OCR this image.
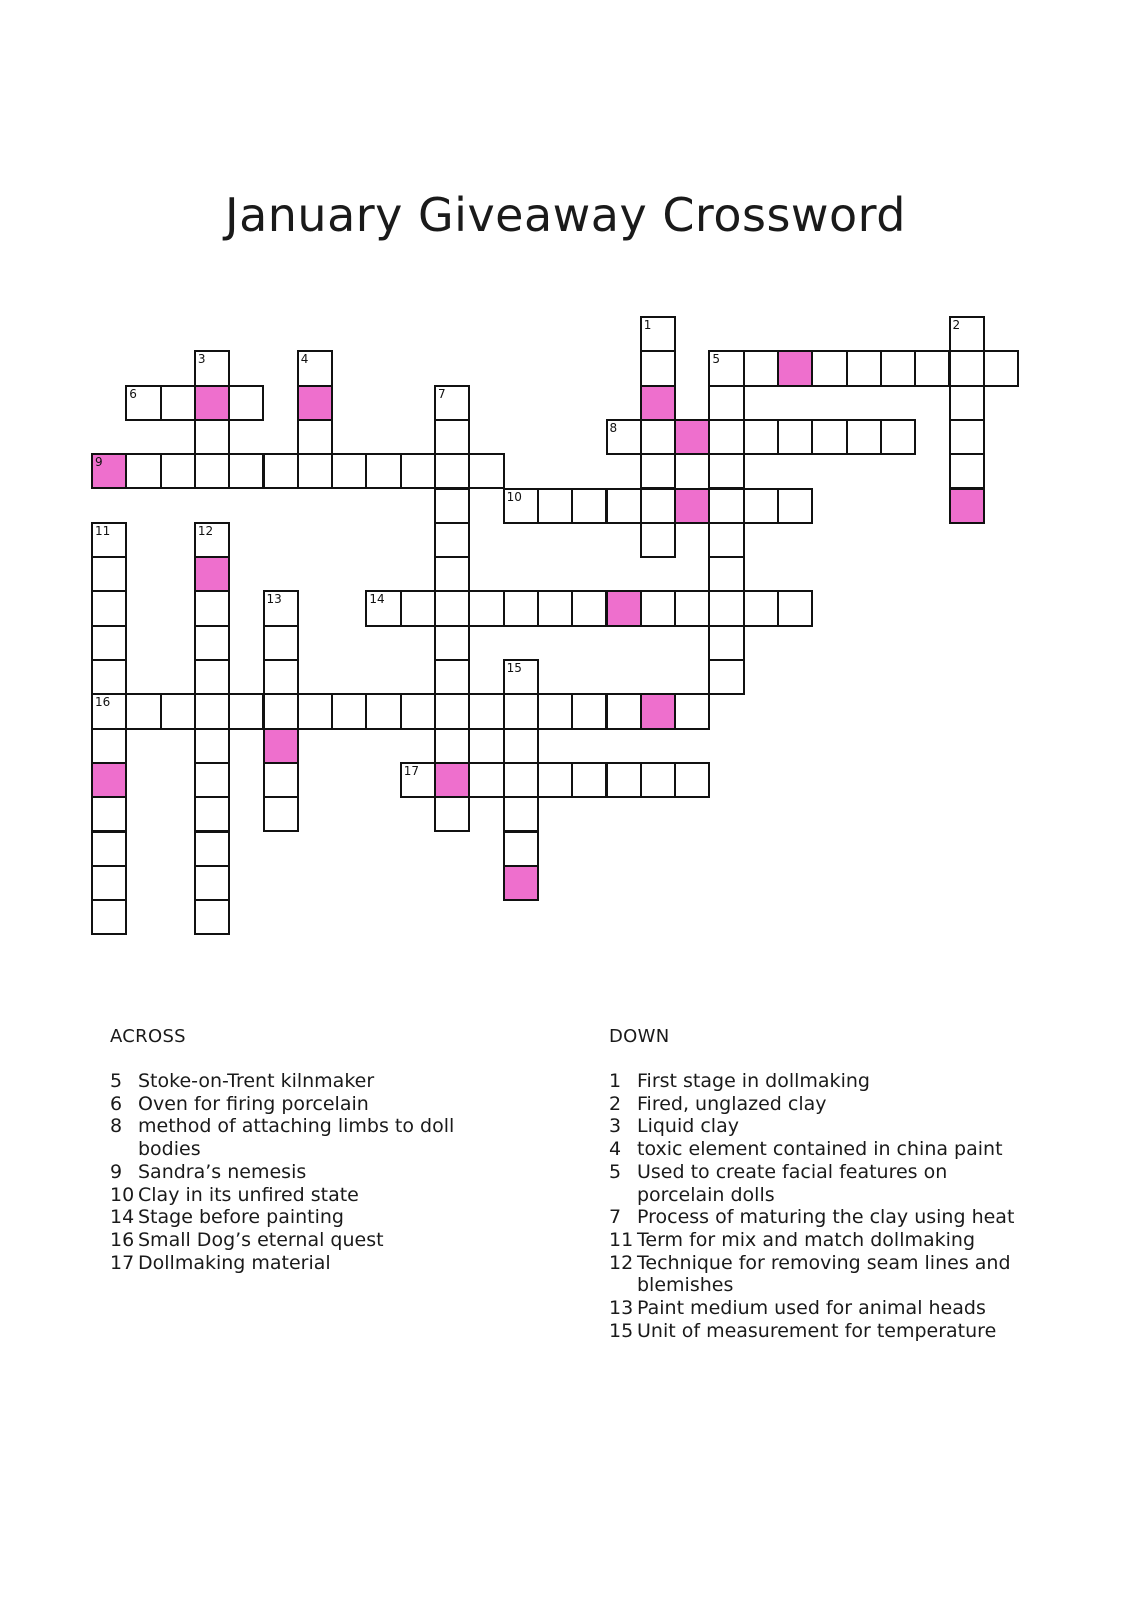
January Giveaway Crossword
1	2
3	4	5
6	7
8
9
10
11
16
12
13	14
15
17
ACROSS
5 Stoke-on-Trent kilnmaker
6 Oven for firing porcelain
8 method of attaching limbs to doll bodies
9 Sandra’s nemesis
10 Clay in its unfired state
14 Stage before painting
16 Small Dog’s eternal quest
17 Dollmaking material
DOWN
1 First stage in dollmaking
2 Fired, unglazed clay
3 Liquid clay
4 toxic element contained in china paint
5 Used to create facial features on porcelain dolls
7 Process of maturing the clay using heat
11 Term for mix and match dollmaking
12 Technique for removing seam lines and blemishes
13 Paint medium used for animal heads
15 Unit of measurement for temperature
